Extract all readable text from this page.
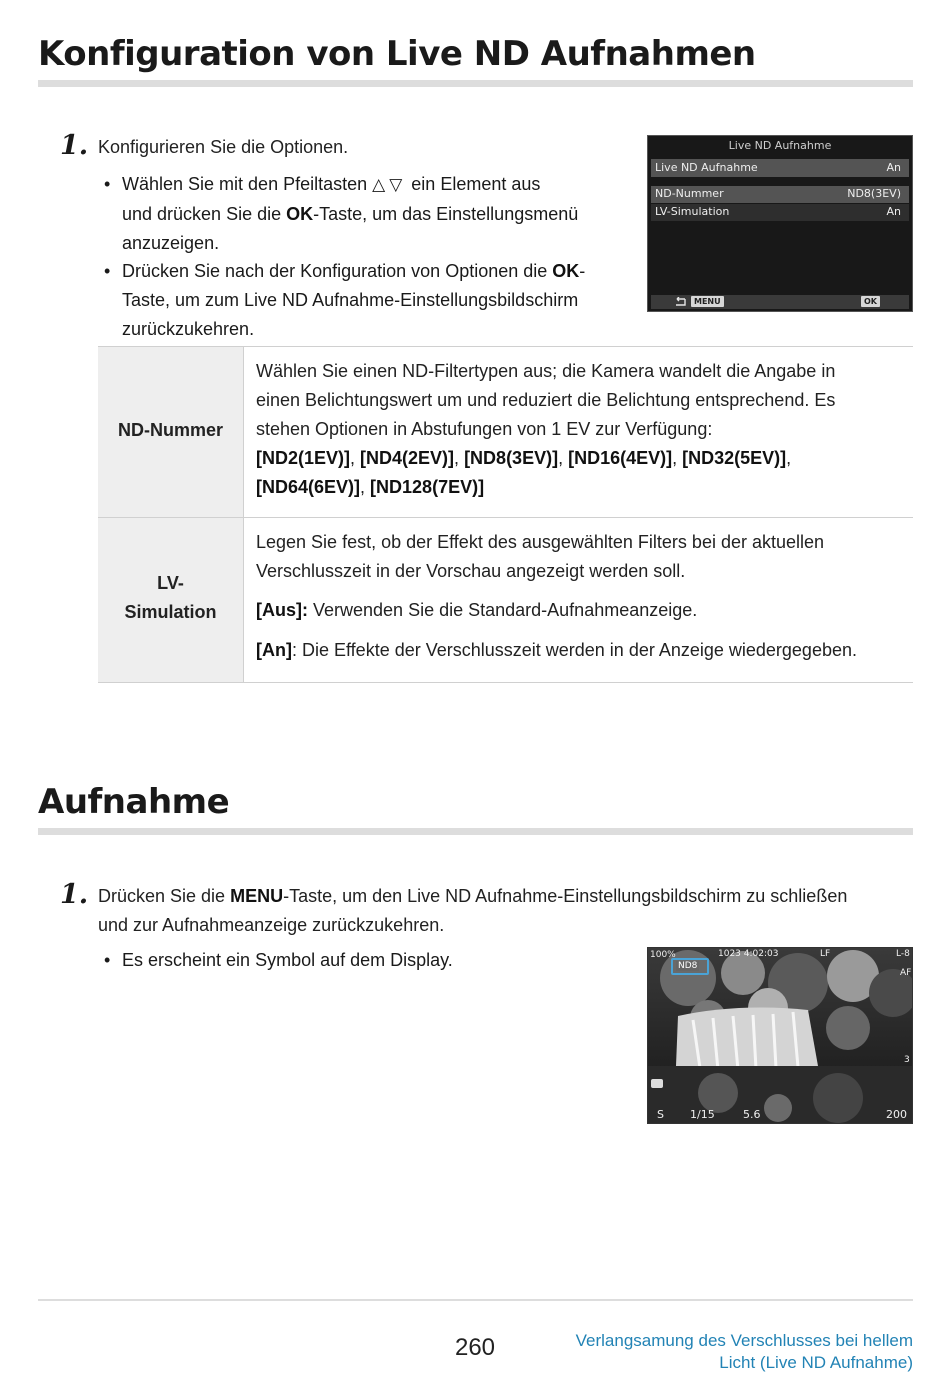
Konfiguration von Live ND Aufnahmen
1. Konfigurieren Sie die Optionen.
• Wählen Sie mit den Pfeiltasten △▽ ein Element aus
und drücken Sie die OK-Taste, um das Einstellungsmenü
anzuzeigen.
• Drücken Sie nach der Konfiguration von Optionen die OK-
Taste, um zum Live ND Aufnahme-Einstellungsbildschirm
zurückzukehren.
Live ND Aufnahme
Live ND Aufnahme	An
ND-Nummer	ND8(3EV)
LV-Simulation	An
MENU	OK
ND-Nummer
Wählen Sie einen ND-Filtertypen aus; die Kamera wandelt die Angabe in
einen Belichtungswert um und reduziert die Belichtung entsprechend. Es
stehen Optionen in Abstufungen von 1 EV zur Verfügung:
[ND2(1EV)], [ND4(2EV)], [ND8(3EV)], [ND16(4EV)], [ND32(5EV)],
[ND64(6EV)], [ND128(7EV)]
LV-
Simulation
Legen Sie fest, ob der Effekt des ausgewählten Filters bei der aktuellen
Verschlusszeit in der Vorschau angezeigt werden soll.
[Aus]: Verwenden Sie die Standard-Aufnahmeanzeige.
[An]: Die Effekte der Verschlusszeit werden in der Anzeige wiedergegeben.
Aufnahme
1. Drücken Sie die MENU-Taste, um den Live ND Aufnahme-Einstellungsbildschirm zu schließen
und zur Aufnahmeanzeige zurückzukehren.
• Es erscheint ein Symbol auf dem Display.	100%
ND8
1023 4:02:03	LF	L-8
AF
3
S 1/15	5.6	200
260	Verlangsamung des Verschlusses bei hellem
Licht (Live ND Aufnahme)
